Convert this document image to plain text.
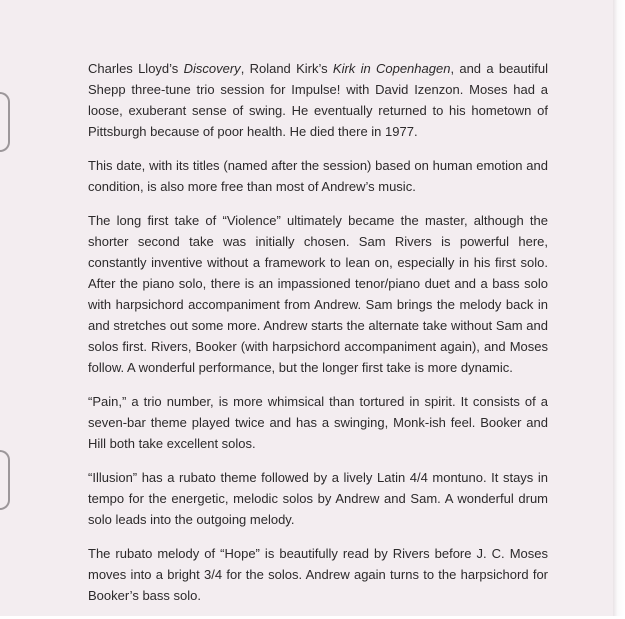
Charles Lloyd’s Discovery, Roland Kirk’s Kirk in Copenhagen, and a beautiful Shepp three-tune trio session for Impulse! with David Izenzon. Moses had a loose, exuberant sense of swing. He eventually returned to his hometown of Pittsburgh because of poor health. He died there in 1977.

This date, with its titles (named after the session) based on human emotion and condition, is also more free than most of Andrew’s music.

The long first take of “Violence” ultimately became the master, although the shorter second take was initially chosen. Sam Rivers is powerful here, constantly inventive without a framework to lean on, especially in his first solo. After the piano solo, there is an impassioned tenor/piano duet and a bass solo with harpsichord accompaniment from Andrew. Sam brings the melody back in and stretches out some more. Andrew starts the alternate take without Sam and solos first. Rivers, Booker (with harpsichord accompaniment again), and Moses follow. A wonderful performance, but the longer first take is more dynamic.

“Pain,” a trio number, is more whimsical than tortured in spirit. It consists of a seven-bar theme played twice and has a swinging, Monk-ish feel. Booker and Hill both take excellent solos.

“Illusion” has a rubato theme followed by a lively Latin 4/4 montuno. It stays in tempo for the energetic, melodic solos by Andrew and Sam. A wonderful drum solo leads into the outgoing melody.

The rubato melody of “Hope” is beautifully read by Rivers before J. C. Moses moves into a bright 3/4 for the solos. Andrew again turns to the harpsichord for Booker’s bass solo.
